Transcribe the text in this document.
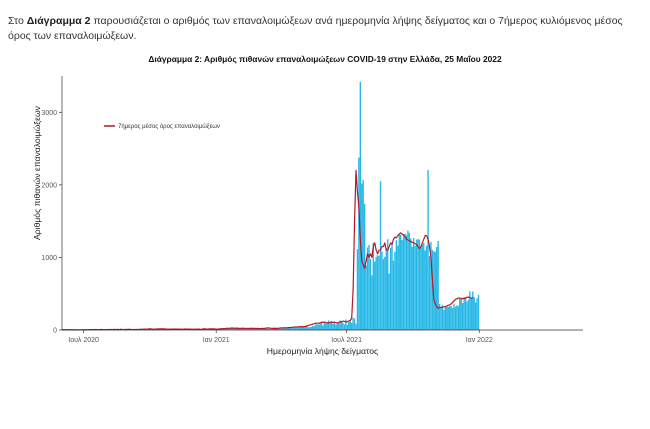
Στο Διάγραμμα 2 παρουσιάζεται ο αριθμός των επαναλοιμώξεων ανά ημερομηνία λήψης δείγματος και ο 7ήμερος κυλιόμενος μέσος όρος των επαναλοιμώξεων.
Διάγραμμα 2: Αριθμός πιθανών επαναλοιμώξεων COVID-19 στην Ελλάδα, 25 Μαΐου 2022
0
1000
2000
3000
Ιουλ 2020	Ιαν 2021	Ιουλ 2021	Ιαν 2022
Ημερομηνία λήψης δείγματος
Αριθμός πιθανών επαναλοιμώξεων	7ήμερος μέσος όρος επαναλοιμώξεων
